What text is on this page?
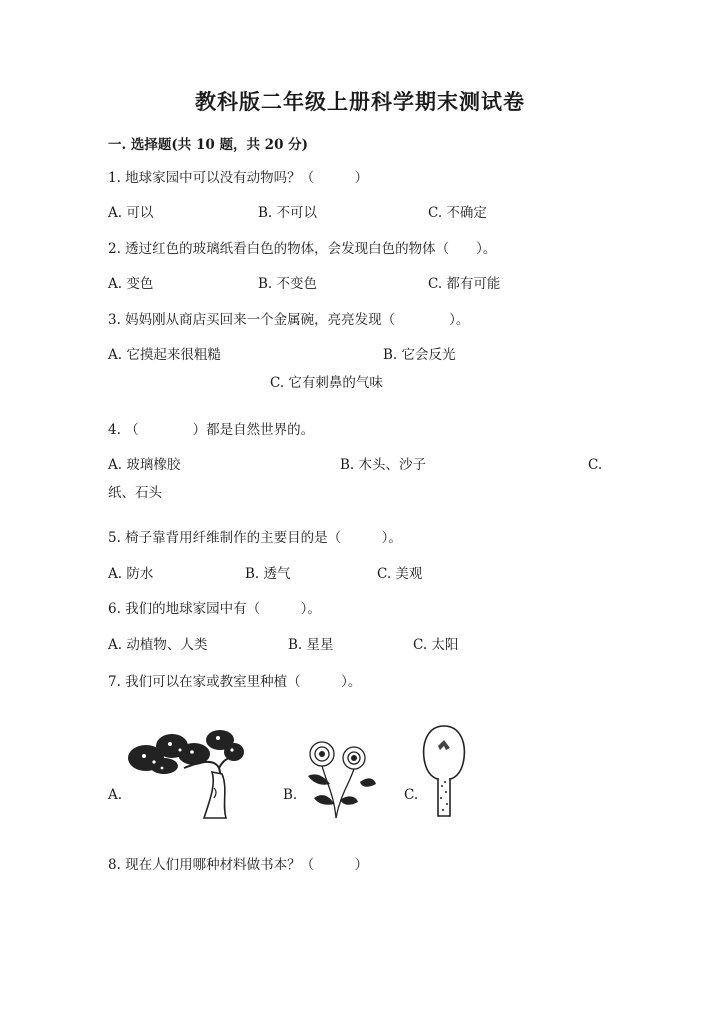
教科版二年级上册科学期末测试卷
一. 选择题(共 10 题，共 20 分)
1. 地球家园中可以没有动物吗？（　　　）
A. 可以	B. 不可以	C. 不确定
2. 透过红色的玻璃纸看白色的物体，会发现白色的物体（　　）。
A. 变色	B. 不变色	C. 都有可能
3. 妈妈刚从商店买回来一个金属碗，亮亮发现（　　　　）。
A. 它摸起来很粗糙	B. 它会反光
C. 它有刺鼻的气味
4. （　　　　）都是自然世界的。
A. 玻璃橡胶	B. 木头、沙子	C.
纸、石头
5. 椅子靠背用纤维制作的主要目的是（　　　）。
A. 防水	B. 透气	C. 美观
6. 我们的地球家园中有（　　　）。
A. 动植物、人类	B. 星星	C. 太阳
7. 我们可以在家或教室里种植（　　　）。
A.	B.	C.
8. 现在人们用哪种材料做书本？（　　　）
